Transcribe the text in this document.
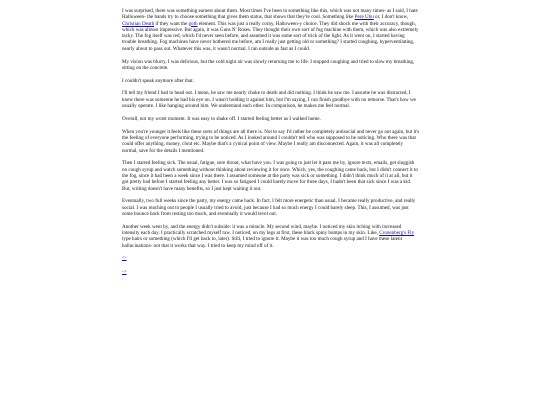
I was surprised, there was something earnest about them. Most times I've been to something like this, which was not many times- as I said, I hate Halloween- the bands try to choose something that gives them status, that shows that they're cool. Something like Pere Ubu or, I don't know, Christian Death if they want the goth element. This was just a really corny, Halloween-y choice. They did shock me with their accuracy, though, which was almost impressive. But again, it was Guns N' Roses. They thought their own sort of fog machine with them, which was also extremely tacky. The fog itself was red, which I'd never seen before, and assumed it was some sort of trick of the light. As it went on, I started having trouble breathing. Fog machines have never bothered me before, am I really just getting old or something? I started coughing, hyperventilating, nearly about to pass out. Whatever this was, it wasn't normal. I ran outside as fast as I could.

My vision was blurry, I was delirious, but the cold night air was slowly returning me to life. I stopped coughing and tried to slow my breathing, sitting on the concrete.

I couldn't speak anymore after that.

I'll tell my friend I had to head out. I mean, he saw me nearly choke to death and did nothing. I think he saw me. I assume he was distracted, I knew there was someone he had his eye on. I wasn't holding it against him, but I'm saying, I can finish goodbye with no remorse. That's how we usually operate. I like hanging around him. We understand each other. In comparison, he makes me feel normal.

Overall, not my worst moment. It was easy to shake off. I started feeling better as I walked home.

When you're younger it feels like these sorts of things are all there is. Not to say I'd rather be completely antisocial and never go out again, but it's the feeling of everyone performing, trying to be noticed. As I looked around I couldn't tell who was supposed to be noticing. Who there was that could offer anything, money, clout etc. Maybe that's a cynical point of view. Maybe I really am disconnected. Again, it was all completely normal, save for the details I mentioned.

Then I started feeling sick. The usual, fatigue, sore throat, what have you. I was going to just let it pass me by, ignore texts, emails, get sluggish on cough syrup and watch something without thinking about reviewing it for once. Which, yes, the coughing came back, but I didn't connect it to the fog, since it had been a week since I was there. I assumed someone at the party was sick or something. I didn't think much of it at all, but it got pretty bad before I started feeling any better. I was so fatigued I could barely move for three days, I hadn't been that sick since I was a kid. But, writing doesn't have many benefits, so I just kept waiting it out.

Eventually, two full weeks since the party, my energy came back. In fact, I felt more energetic than usual. I became really productive, and really social. I was reaching out to people I usually tried to avoid, just because I had so much energy I could barely sleep. This, I assumed, was just some bounce back from resting too much, and eventually it would level out.

Another week went by, and the energy didn't subside: it was a miracle. My second wind, maybe. I noticed my skin itching with increased intensity each day. I practically scratched myself raw. I noticed, on my legs at first, these black spiny bumps in my skin. Like, Cronenberg's Fly type hairs or something (which I'll get back to, later). Still, I tried to ignore it. Maybe it was too much cough syrup and I have these latent hallucinations- not that it works that way. I tried to keep my mind off of it.

<-
->
